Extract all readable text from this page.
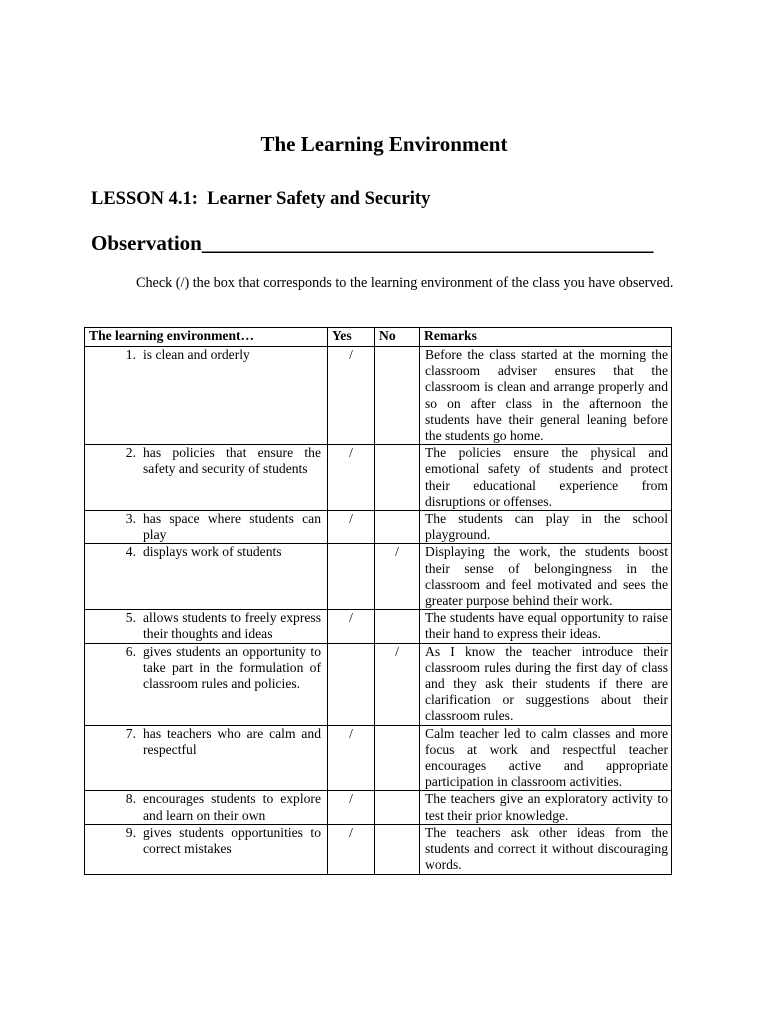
The Learning Environment
LESSON 4.1:  Learner Safety and Security
Observation___________________________________________
Check (/) the box that corresponds to the learning environment of the class you have observed.
The learning environment…	Yes	No	Remarks

1. is clean and orderly	/		Before the class started at the morning the classroom adviser ensures that the classroom is clean and arrange properly and so on after class in the afternoon the students have their general leaning before the students go home.

2. has policies that ensure the safety and security of students	/		The policies ensure the physical and emotional safety of students and protect their educational experience from disruptions or offenses.

3. has space where students can play	/		The students can play in the school playground.

4. displays work of students		/	Displaying the work, the students boost their sense of belongingness in the classroom and feel motivated and sees the greater purpose behind their work.

5. allows students to freely express their thoughts and ideas	/		The students have equal opportunity to raise their hand to express their ideas.

6. gives students an opportunity to take part in the formulation of classroom rules and policies.		/	As I know the teacher introduce their classroom rules during the first day of class and they ask their students if there are clarification or suggestions about their classroom rules.

7. has teachers who are calm and respectful	/		Calm teacher led to calm classes and more focus at work and respectful teacher encourages active and appropriate participation in classroom activities.

8. encourages students to explore and learn on their own	/		The teachers give an exploratory activity to test their prior knowledge.

9. gives students opportunities to correct mistakes	/		The teachers ask other ideas from the students and correct it without discouraging words.
